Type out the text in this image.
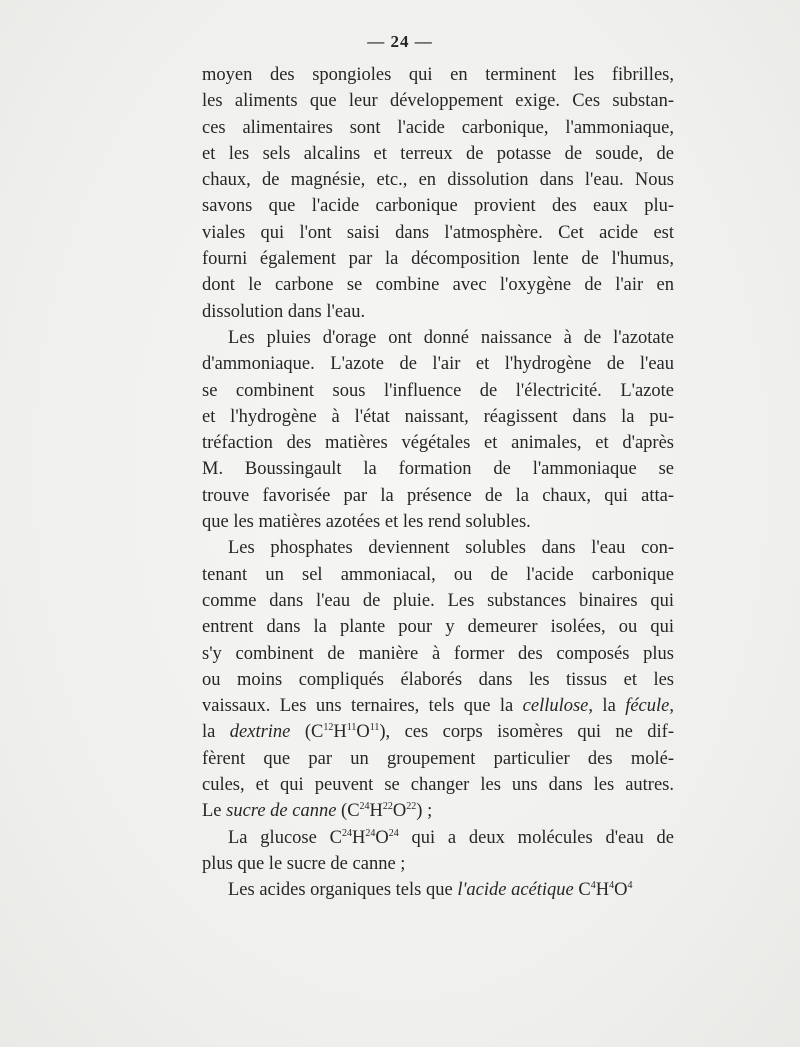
— 24 —
moyen des spongioles qui en terminent les fibrilles,
les aliments que leur développement exige. Ces substan-
ces alimentaires sont l'acide carbonique, l'ammoniaque,
et les sels alcalins et terreux de potasse de soude, de
chaux, de magnésie, etc., en dissolution dans l'eau. Nous
savons que l'acide carbonique provient des eaux plu-
viales qui l'ont saisi dans l'atmosphère. Cet acide est
fourni également par la décomposition lente de l'humus,
dont le carbone se combine avec l'oxygène de l'air en
dissolution dans l'eau.
Les pluies d'orage ont donné naissance à de l'azotate
d'ammoniaque. L'azote de l'air et l'hydrogène de l'eau
se combinent sous l'influence de l'électricité. L'azote
et l'hydrogène à l'état naissant, réagissent dans la pu-
tréfaction des matières végétales et animales, et d'après
M. Boussingault la formation de l'ammoniaque se
trouve favorisée par la présence de la chaux, qui atta-
que les matières azotées et les rend solubles.
Les phosphates deviennent solubles dans l'eau con-
tenant un sel ammoniacal, ou de l'acide carbonique
comme dans l'eau de pluie. Les substances binaires qui
entrent dans la plante pour y demeurer isolées, ou qui
s'y combinent de manière à former des composés plus
ou moins compliqués élaborés dans les tissus et les
vaissaux. Les uns ternaires, tels que la cellulose, la fécule,
la dextrine $(C^{12}H^{11}O^{11})$, ces corps isomères qui ne dif-
fèrent que par un groupement particulier des molé-
cules, et qui peuvent se changer les uns dans les autres.
Le sucre de canne $(C^{24}H^{22}O^{22})$ ;
La glucose $C^{24}H^{24}O^{24}$ qui a deux molécules d'eau de
plus que le sucre de canne ;
Les acides organiques tels que l'acide acétique $C^4H^4O^4$
